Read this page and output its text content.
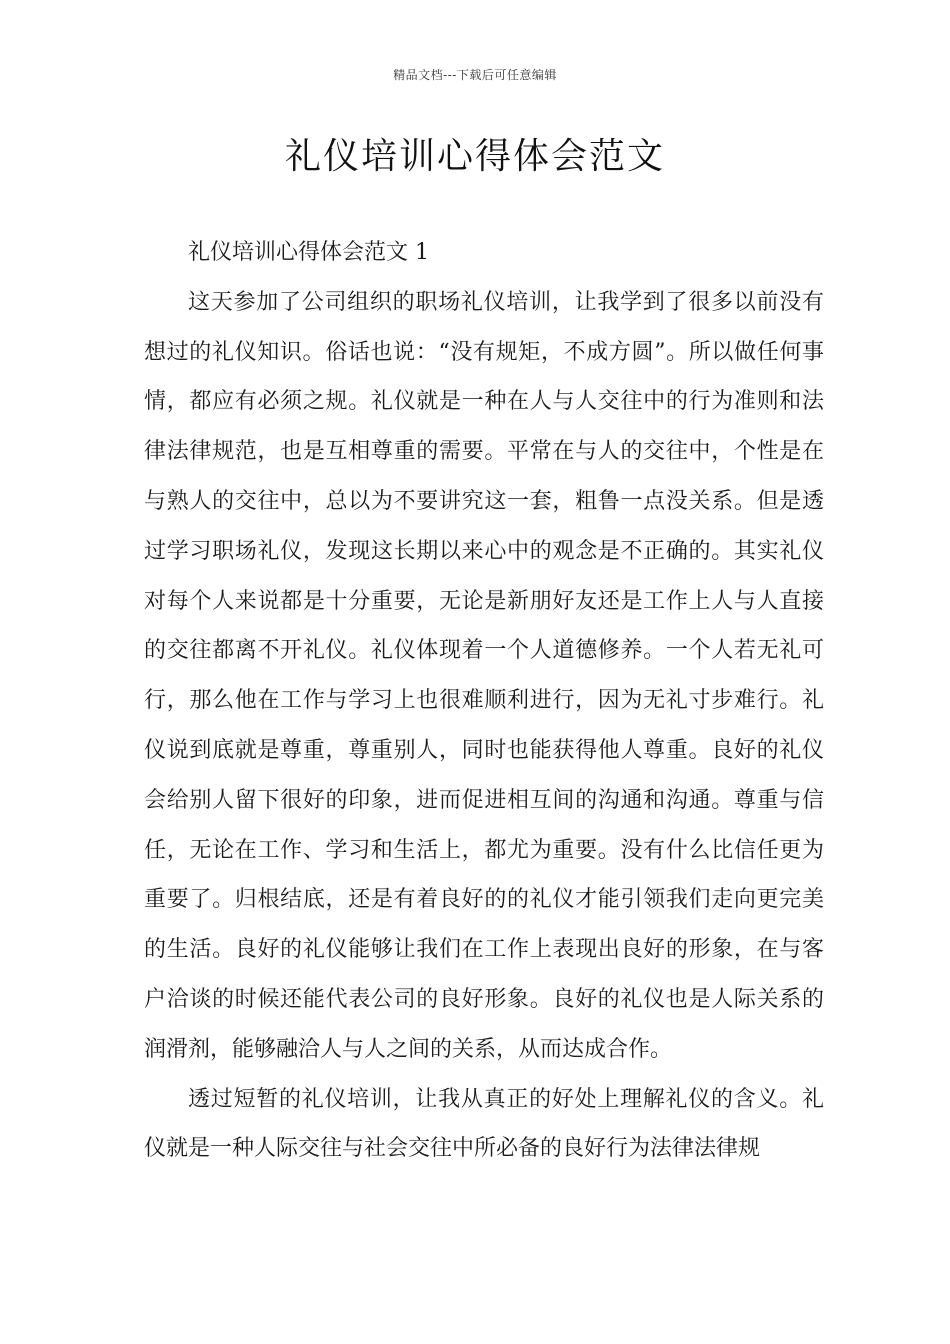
精品文档---下载后可任意编辑
礼仪培训心得体会范文

礼仪培训心得体会范文 1

这天参加了公司组织的职场礼仪培训，让我学到了很多以前没有想过的礼仪知识。俗话也说：“没有规矩，不成方圆”。所以做任何事情，都应有必须之规。礼仪就是一种在人与人交往中的行为准则和法律法律规范，也是互相尊重的需要。平常在与人的交往中，个性是在与熟人的交往中，总以为不要讲究这一套，粗鲁一点没关系。但是透过学习职场礼仪，发现这长期以来心中的观念是不正确的。其实礼仪对每个人来说都是十分重要，无论是新朋好友还是工作上人与人直接的交往都离不开礼仪。礼仪体现着一个人道德修养。一个人若无礼可行，那么他在工作与学习上也很难顺利进行，因为无礼寸步难行。礼仪说到底就是尊重，尊重别人，同时也能获得他人尊重。良好的礼仪会给别人留下很好的印象，进而促进相互间的沟通和沟通。尊重与信任，无论在工作、学习和生活上，都尤为重要。没有什么比信任更为重要了。归根结底，还是有着良好的的礼仪才能引领我们走向更完美的生活。良好的礼仪能够让我们在工作上表现出良好的形象，在与客户洽谈的时候还能代表公司的良好形象。良好的礼仪也是人际关系的润滑剂，能够融洽人与人之间的关系，从而达成合作。

透过短暂的礼仪培训，让我从真正的好处上理解礼仪的含义。礼仪就是一种人际交往与社会交往中所必备的良好行为法律法律规
